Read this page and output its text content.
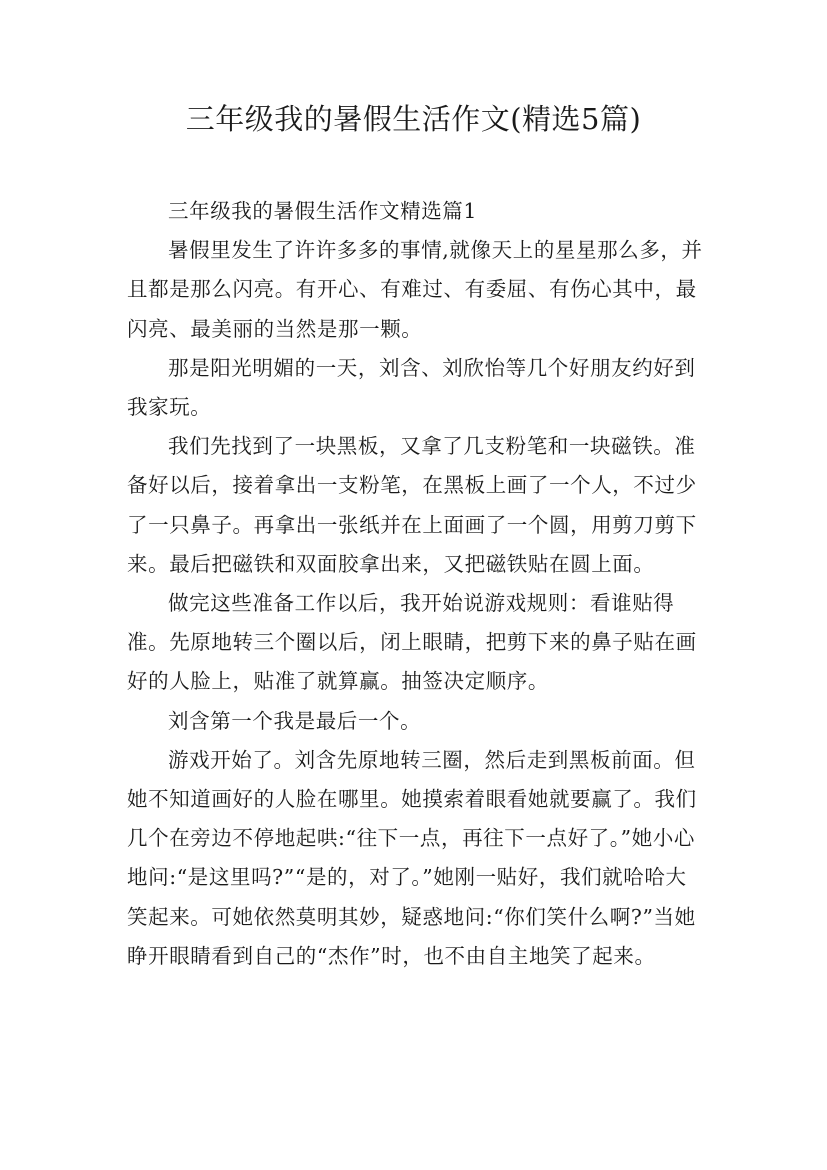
三年级我的暑假生活作文(精选5篇)

三年级我的暑假生活作文精选篇1

暑假里发生了许许多多的事情,就像天上的星星那么多，并且都是那么闪亮。有开心、有难过、有委屈、有伤心其中，最闪亮、最美丽的当然是那一颗。

那是阳光明媚的一天，刘含、刘欣怡等几个好朋友约好到我家玩。

我们先找到了一块黑板，又拿了几支粉笔和一块磁铁。准备好以后，接着拿出一支粉笔，在黑板上画了一个人，不过少了一只鼻子。再拿出一张纸并在上面画了一个圆，用剪刀剪下来。最后把磁铁和双面胶拿出来，又把磁铁贴在圆上面。

做完这些准备工作以后，我开始说游戏规则：看谁贴得准。先原地转三个圈以后，闭上眼睛，把剪下来的鼻子贴在画好的人脸上，贴准了就算赢。抽签决定顺序。

刘含第一个我是最后一个。

游戏开始了。刘含先原地转三圈，然后走到黑板前面。但她不知道画好的人脸在哪里。她摸索着眼看她就要赢了。我们几个在旁边不停地起哄:“往下一点，再往下一点好了。”她小心地问:“是这里吗?”“是的，对了。”她刚一贴好，我们就哈哈大笑起来。可她依然莫明其妙，疑惑地问:“你们笑什么啊?”当她睁开眼睛看到自己的“杰作”时，也不由自主地笑了起来。
